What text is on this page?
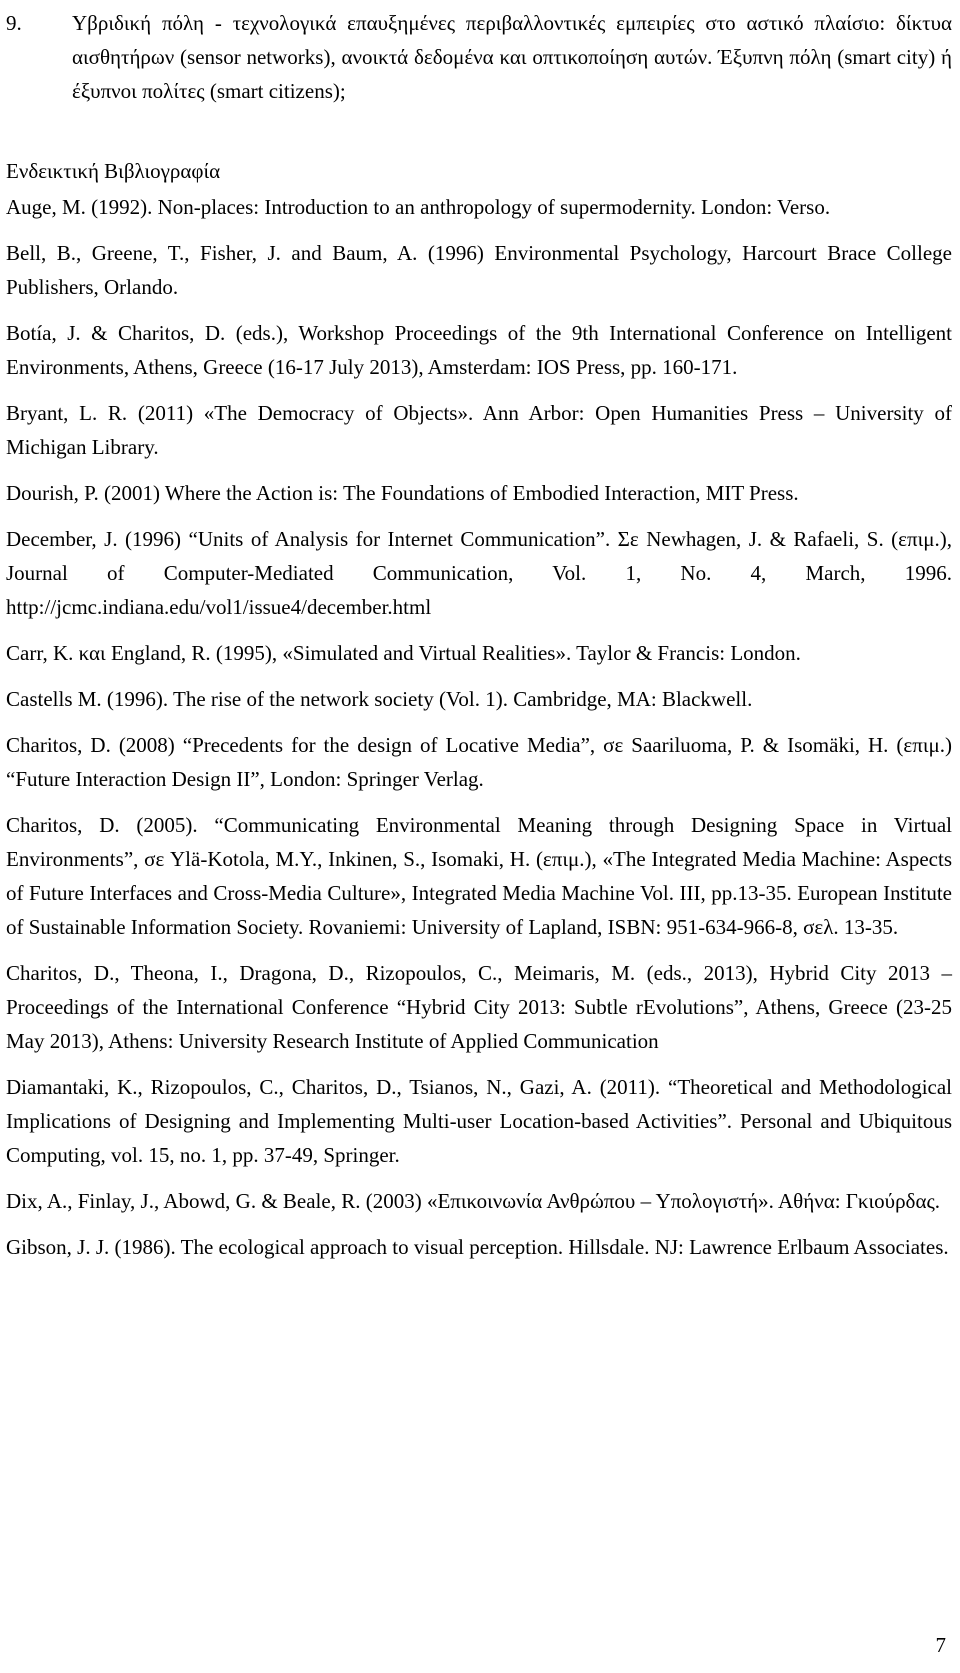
9.	Υβριδική πόλη - τεχνολογικά επαυξημένες περιβαλλοντικές εμπειρίες στο αστικό πλαίσιο: δίκτυα αισθητήρων (sensor networks), ανοικτά δεδομένα και οπτικοποίηση αυτών. Έξυπνη πόλη (smart city) ή έξυπνοι πολίτες (smart citizens);
Ενδεικτική Βιβλιογραφία

Auge, M. (1992). Non-places: Introduction to an anthropology of supermodernity. London: Verso.

Bell, B., Greene, T., Fisher, J. and Baum, A. (1996) Environmental Psychology, Harcourt Brace College Publishers, Orlando.

Botía, J. & Charitos, D. (eds.), Workshop Proceedings of the 9th International Conference on Intelligent Environments, Athens, Greece (16-17 July 2013), Amsterdam: IOS Press, pp. 160-171.

Bryant, L. R. (2011) «The Democracy of Objects». Ann Arbor: Open Humanities Press – University of Michigan Library.

Dourish, P. (2001) Where the Action is: The Foundations of Embodied Interaction, MIT Press.

December, J. (1996) “Units of Analysis for Internet Communication”. Σε Newhagen, J. & Rafaeli, S. (επιμ.), Journal of Computer-Mediated Communication, Vol. 1, No. 4, March, 1996. http://jcmc.indiana.edu/vol1/issue4/december.html

Carr, K. και England, R. (1995), «Simulated and Virtual Realities». Taylor & Francis: London.

Castells M. (1996). The rise of the network society (Vol. 1). Cambridge, MA: Blackwell.

Charitos, D. (2008) “Precedents for the design of Locative Media”, σε Saariluoma, P. & Isomäki, H. (επιμ.) “Future Interaction Design II”, London: Springer Verlag.

Charitos, D. (2005). “Communicating Environmental Meaning through Designing Space in Virtual Environments”, σε Ylä-Kotola, M.Y., Inkinen, S., Isomaki, H. (επιμ.), «The Integrated Media Machine: Aspects of Future Interfaces and Cross-Media Culture», Integrated Media Machine Vol. III, pp.13-35. European Institute of Sustainable Information Society. Rovaniemi: University of Lapland, ISBN: 951-634-966-8, σελ. 13-35.

Charitos, D., Theona, I., Dragona, D., Rizopoulos, C., Meimaris, M. (eds., 2013), Hybrid City 2013 – Proceedings of the International Conference “Hybrid City 2013: Subtle rEvolutions”, Athens, Greece (23-25 May 2013), Athens: University Research Institute of Applied Communication

Diamantaki, K., Rizopoulos, C., Charitos, D., Tsianos, N., Gazi, A. (2011). “Theoretical and Methodological Implications of Designing and Implementing Multi-user Location-based Activities”. Personal and Ubiquitous Computing, vol. 15, no. 1, pp. 37-49, Springer.

Dix, A., Finlay, J., Abowd, G. & Beale, R. (2003) «Επικοινωνία Ανθρώπου – Υπολογιστή». Αθήνα: Γκιούρδας.

Gibson, J. J. (1986). The ecological approach to visual perception. Hillsdale. NJ: Lawrence Erlbaum Associates.

7
